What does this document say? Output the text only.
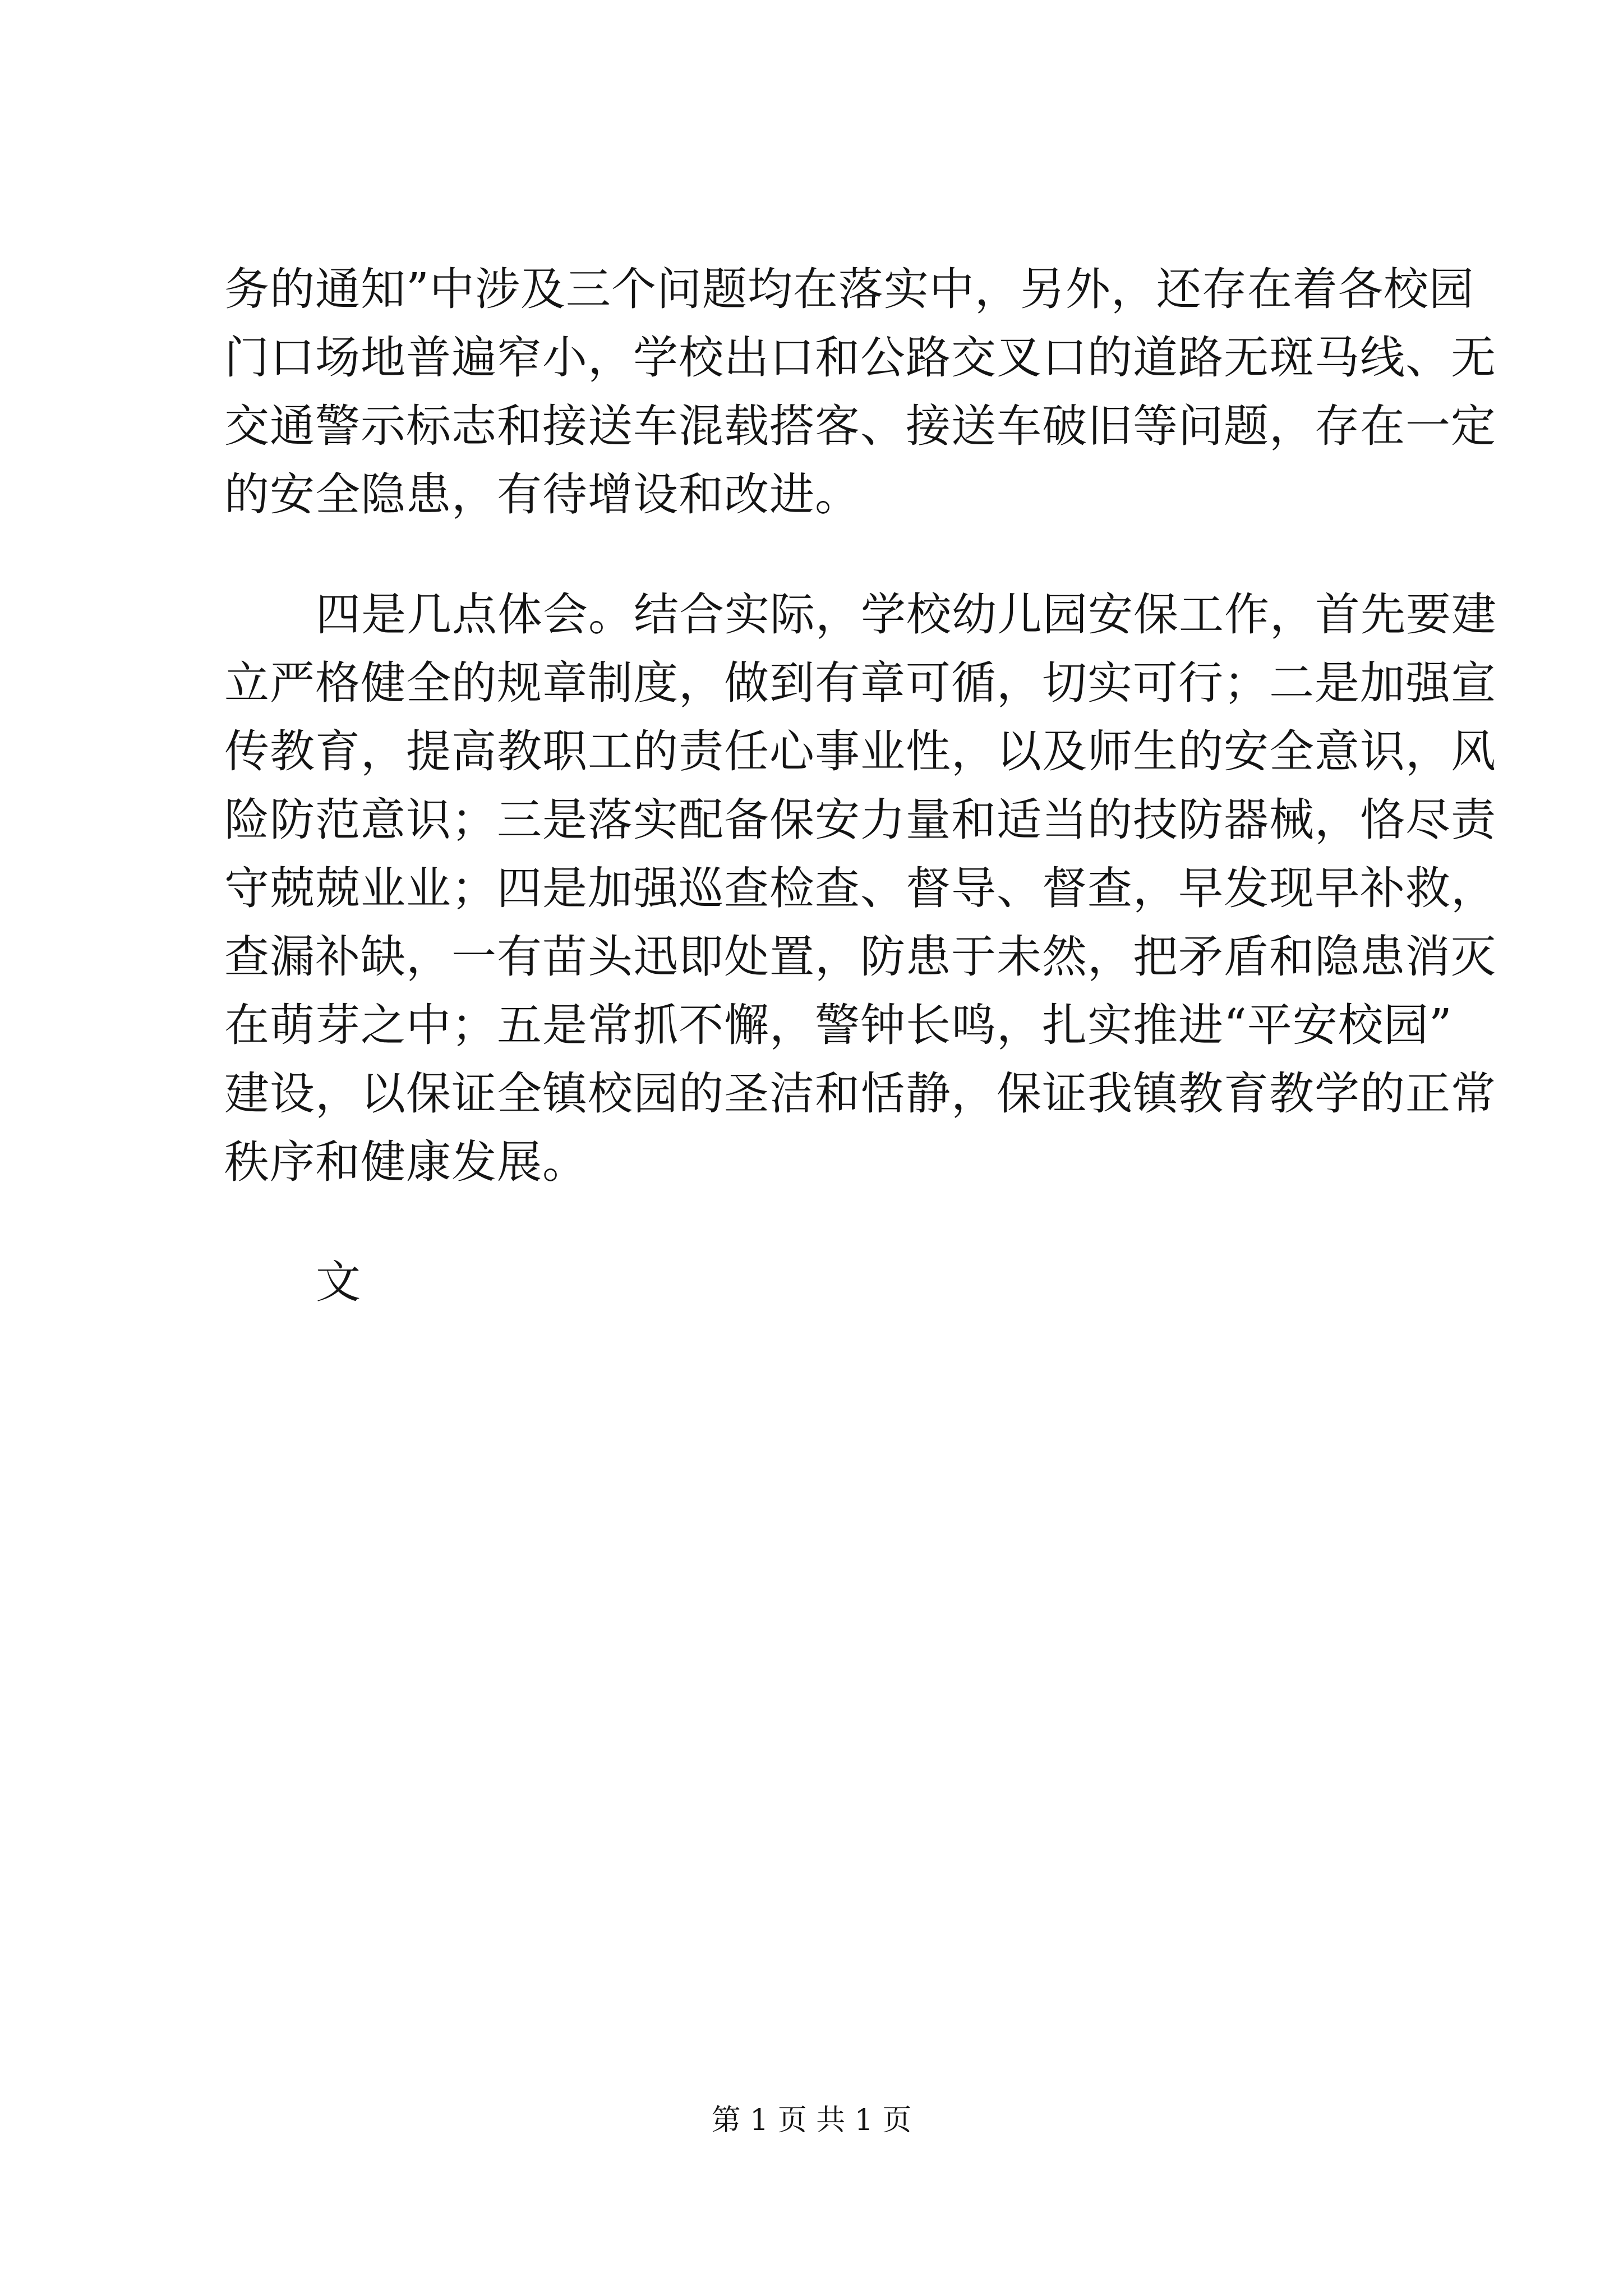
务的通知”中涉及三个问题均在落实中，另外，还存在着各校园
门口场地普遍窄小，学校出口和公路交叉口的道路无斑马线、无
交通警示标志和接送车混载搭客、接送车破旧等问题，存在一定
的安全隐患，有待增设和改进。
四是几点体会。结合实际，学校幼儿园安保工作，首先要建
立严格健全的规章制度，做到有章可循，切实可行；二是加强宣
传教育，提高教职工的责任心事业性，以及师生的安全意识，风
险防范意识；三是落实配备保安力量和适当的技防器械，恪尽责
守兢兢业业；四是加强巡查检查、督导、督查，早发现早补救，
查漏补缺，一有苗头迅即处置，防患于未然，把矛盾和隐患消灭
在萌芽之中；五是常抓不懈，警钟长鸣，扎实推进“平安校园”
建设，以保证全镇校园的圣洁和恬静，保证我镇教育教学的正常
秩序和健康发展。
文
第 1 页 共 1 页
